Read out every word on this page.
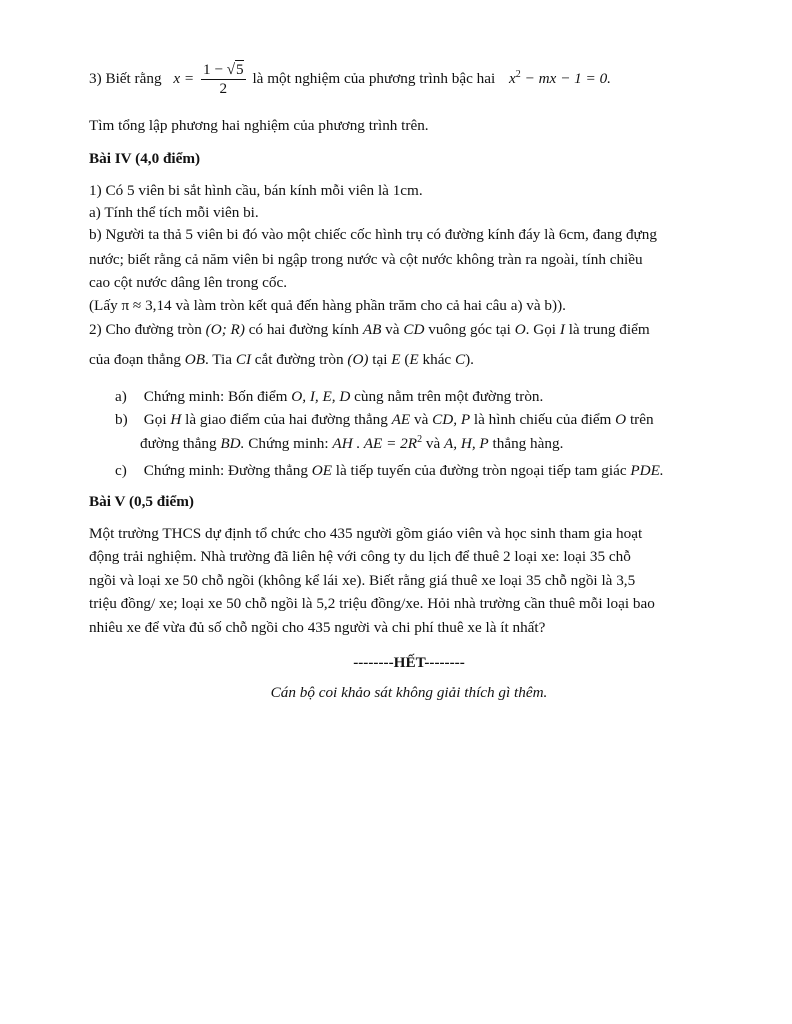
3) Biết rằng $x = \frac{1 - √5}{2}$ là một nghiệm của phương trình bậc hai $x^2$ − mx − 1 = 0.
Tìm tổng lập phương hai nghiệm của phương trình trên.
Bài IV (4,0 điểm)
1) Có 5 viên bi sắt hình cầu, bán kính mỗi viên là 1cm.
a) Tính thể tích mỗi viên bi.
b) Người ta thả 5 viên bi đó vào một chiếc cốc hình trụ có đường kính đáy là 6cm, đang đựng
nước; biết rằng cả năm viên bi ngập trong nước và cột nước không tràn ra ngoài, tính chiều
cao cột nước dâng lên trong cốc.
(Lấy π ≈ 3,14 và làm tròn kết quả đến hàng phần trăm cho cả hai câu a) và b)).
2) Cho đường tròn (O; R) có hai đường kính AB và CD vuông góc tại O. Gọi I là trung điểm
của đoạn thẳng OB. Tia CI cắt đường tròn (O) tại E (E khác C).
a) Chứng minh: Bốn điểm O, I, E, D cùng nằm trên một đường tròn.
b) Gọi H là giao điểm của hai đường thẳng AE và CD, P là hình chiếu của điểm O trên
đường thẳng BD. Chứng minh: AH . AE = $2R^2$ và A, H, P thẳng hàng.
c) Chứng minh: Đường thẳng OE là tiếp tuyến của đường tròn ngoại tiếp tam giác PDE.
Bài V (0,5 điểm)
Một trường THCS dự định tổ chức cho 435 người gồm giáo viên và học sinh tham gia hoạt
động trải nghiệm. Nhà trường đã liên hệ với công ty du lịch để thuê 2 loại xe: loại 35 chỗ
ngồi và loại xe 50 chỗ ngồi (không kể lái xe). Biết rằng giá thuê xe loại 35 chỗ ngồi là 3,5
triệu đồng/ xe; loại xe 50 chỗ ngồi là 5,2 triệu đồng/xe. Hỏi nhà trường cần thuê mỗi loại bao
nhiêu xe để vừa đủ số chỗ ngồi cho 435 người và chi phí thuê xe là ít nhất?
--------HẾT--------
Cán bộ coi khảo sát không giải thích gì thêm.
